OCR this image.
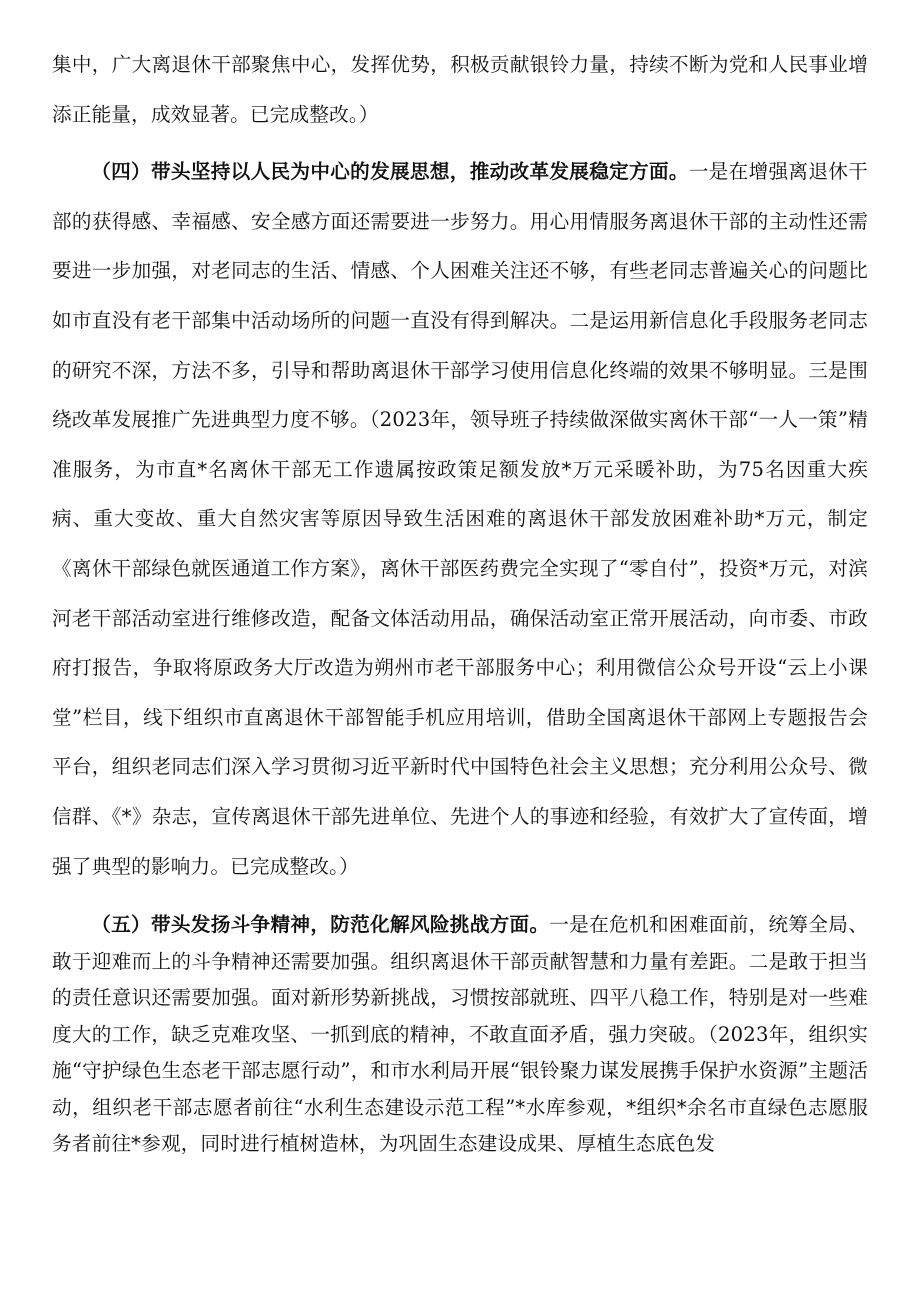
集中，广大离退休干部聚焦中心，发挥优势，积极贡献银铃力量，持续不断为党和人民事业增添正能量，成效显著。已完成整改。）

（四）带头坚持以人民为中心的发展思想，推动改革发展稳定方面。一是在增强离退休干部的获得感、幸福感、安全感方面还需要进一步努力。用心用情服务离退休干部的主动性还需要进一步加强，对老同志的生活、情感、个人困难关注还不够，有些老同志普遍关心的问题比如市直没有老干部集中活动场所的问题一直没有得到解决。二是运用新信息化手段服务老同志的研究不深，方法不多，引导和帮助离退休干部学习使用信息化终端的效果不够明显。三是围绕改革发展推广先进典型力度不够。（2023年，领导班子持续做深做实离休干部“一人一策”精准服务，为市直*名离休干部无工作遗属按政策足额发放*万元采暖补助，为75名因重大疾病、重大变故、重大自然灾害等原因导致生活困难的离退休干部发放困难补助*万元，制定《离休干部绿色就医通道工作方案》，离休干部医药费完全实现了“零自付”，投资*万元，对滨河老干部活动室进行维修改造，配备文体活动用品，确保活动室正常开展活动，向市委、市政府打报告，争取将原政务大厅改造为朔州市老干部服务中心；利用微信公众号开设“云上小课堂”栏目，线下组织市直离退休干部智能手机应用培训，借助全国离退休干部网上专题报告会平台，组织老同志们深入学习贯彻习近平新时代中国特色社会主义思想；充分利用公众号、微信群、《*》杂志，宣传离退休干部先进单位、先进个人的事迹和经验，有效扩大了宣传面，增强了典型的影响力。已完成整改。）

（五）带头发扬斗争精神，防范化解风险挑战方面。一是在危机和困难面前，统筹全局、敢于迎难而上的斗争精神还需要加强。组织离退休干部贡献智慧和力量有差距。二是敢于担当的责任意识还需要加强。面对新形势新挑战，习惯按部就班、四平八稳工作，特别是对一些难度大的工作，缺乏克难攻坚、一抓到底的精神，不敢直面矛盾，强力突破。（2023年，组织实施“守护绿色生态老干部志愿行动”，和市水利局开展“银铃聚力谋发展携手保护水资源”主题活动，组织老干部志愿者前往“水利生态建设示范工程”*水库参观，*组织*余名市直绿色志愿服务者前往*参观，同时进行植树造林，为巩固生态建设成果、厚植生态底色发
